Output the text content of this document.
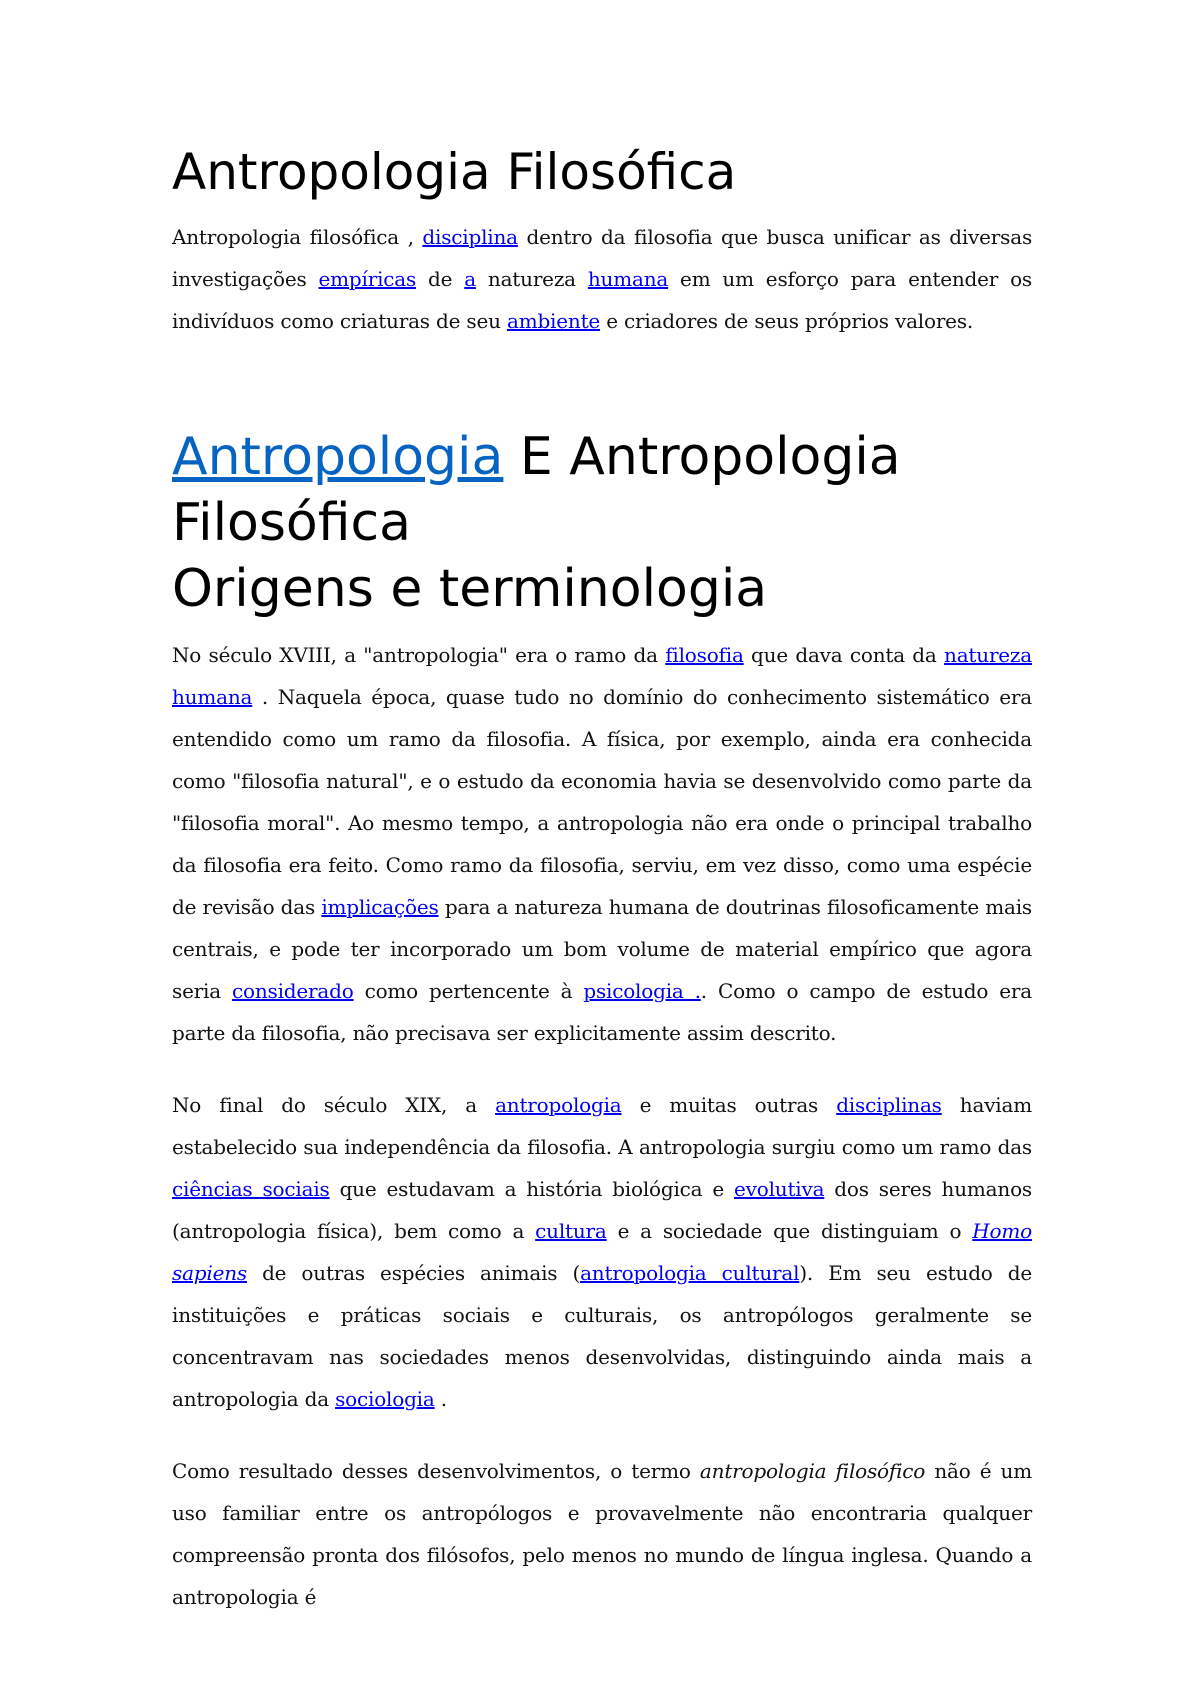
Antropologia Filosófica

Antropologia filosófica , disciplina dentro da filosofia que busca unificar as diversas investigações empíricas de a natureza humana em um esforço para entender os indivíduos como criaturas de seu ambiente e criadores de seus próprios valores.

Antropologia E Antropologia Filosófica
Origens e terminologia

No século XVIII, a "antropologia" era o ramo da filosofia que dava conta da natureza humana . Naquela época, quase tudo no domínio do conhecimento sistemático era entendido como um ramo da filosofia. A física, por exemplo, ainda era conhecida como "filosofia natural", e o estudo da economia havia se desenvolvido como parte da "filosofia moral". Ao mesmo tempo, a antropologia não era onde o principal trabalho da filosofia era feito. Como ramo da filosofia, serviu, em vez disso, como uma espécie de revisão das implicações para a natureza humana de doutrinas filosoficamente mais centrais, e pode ter incorporado um bom volume de material empírico que agora seria considerado como pertencente à psicologia .. Como o campo de estudo era parte da filosofia, não precisava ser explicitamente assim descrito.

No final do século XIX, a antropologia e muitas outras disciplinas haviam estabelecido sua independência da filosofia. A antropologia surgiu como um ramo das ciências sociais que estudavam a história biológica e evolutiva dos seres humanos (antropologia física), bem como a cultura e a sociedade que distinguiam o Homo sapiens de outras espécies animais (antropologia cultural). Em seu estudo de instituições e práticas sociais e culturais, os antropólogos geralmente se concentravam nas sociedades menos desenvolvidas, distinguindo ainda mais a antropologia da sociologia .

Como resultado desses desenvolvimentos, o termo antropologia filosófico não é um uso familiar entre os antropólogos e provavelmente não encontraria qualquer compreensão pronta dos filósofos, pelo menos no mundo de língua inglesa. Quando a antropologia é
